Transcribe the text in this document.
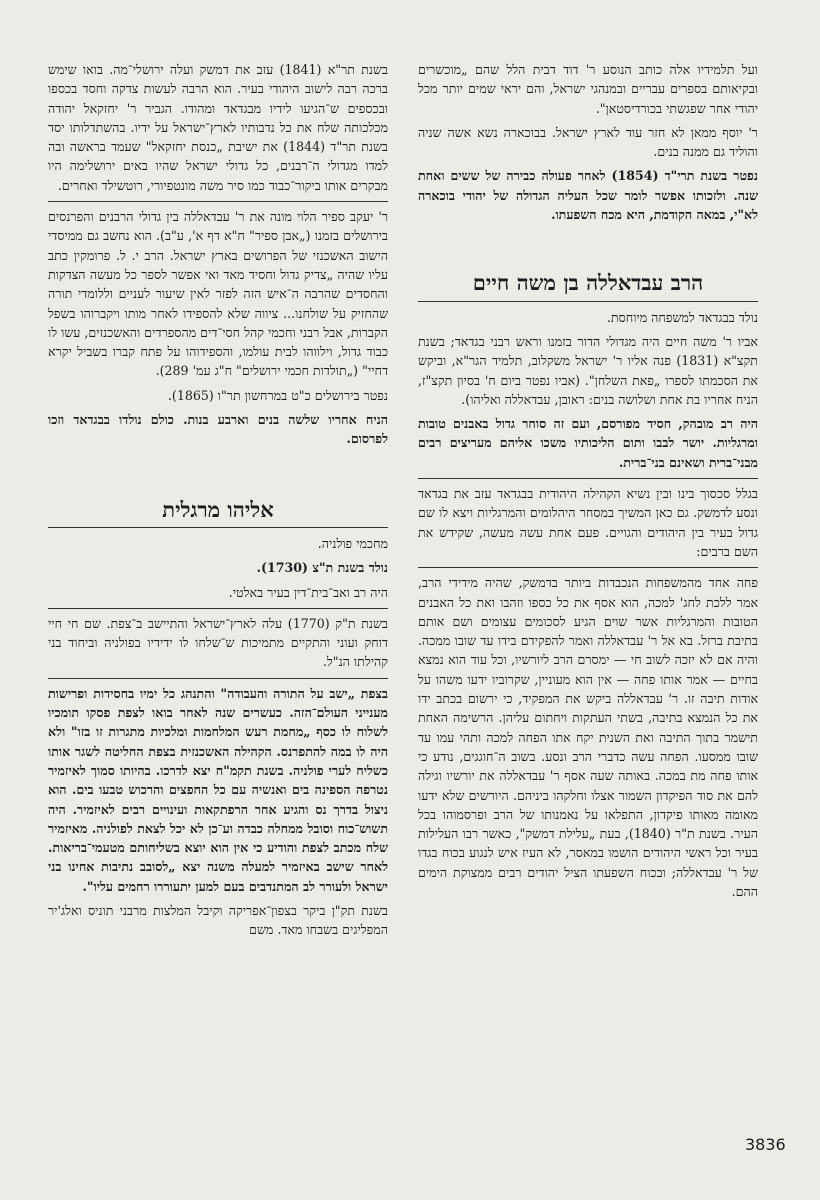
ועל תלמידיו אלה כותב הנוסע ר' דוד דבית הלל שהם „מוכשרים ובקיאותם בספרים עבריים ובמנהגי ישראל, והם יראי שמים יותר מכל יהודי אחר שפגשתי בכורדיסטאן".

ר' יוסף ממאן לא חזר עוד לארץ ישראל. בבוכארה נשא אשה שניה והוליד גם ממנה בנים.

נפטר בשנת תרי"ד (1854) לאחר פעולה כבירה של ששים ואחת שנה. ולזכותו אפשר לומר שכל העליה הגדולה של יהודי בוכארה לא"י, במאה הקודמת, היא מכח השפעתו.

הרב עבדאללה בן משה חיים

נולד בבגדאד למשפחה מיוחסת.

אביו ר' משה חיים היה מגדולי הדור בזמנו וראש רבני בגדאד; בשנת תקצ"א (1831) פנה אליו ר' ישראל משקלוב, תלמיד הגר"א, וביקש את הסכמתו לספרו „פאת השלחן". (אביו נפטר ביום ח' בסיון תקצ"ז, הניח אחריו בת אחת ושלושה בנים: ראובן, עבדאללה ואליהו).

היה רב מובהק, חסיד מפורסם, ועם זה סוחר גדול באבנים טובות ומרגליות. יושר לבבו ותום הליכותיו משכו אליהם מעריצים רבים מבני־ברית ושאינם בני־ברית.

בגלל סכסוך בינו ובין נשיא הקהילה היהודית בבגדאד עזב את בגדאד ונסע לדמשק. גם כאן המשיך במסחר היהלומים והמרגליות ויצא לו שם גדול בעיר בין היהודים והגויים. פעם אחת עשה מעשה, שקידש את השם ברבים:

פחה אחד מהמשפחות הנכבדות ביותר בדמשק, שהיה מידידי הרב, אמר ללכת לחג' למכה, הוא אסף את כל כספו וזהבו ואת כל האבנים הטובות והמרגליות אשר שוים הגיע לסכומים עצומים ושם אותם בתיבת ברזל. בא אל ר' עבדאללה ואמר להפקידם בידו עד שובו ממכה. והיה אם לא יזכה לשוב חי — ימסרם הרב ליורשיו, וכל עוד הוא נמצא בחיים — אמר אותו פחה — אין הוא מעוניין, שקרוביו ידעו משהו על אודות תיבה זו. ר' עבדאללה ביקש את המפקיד, כי ירשום בכתב ידו את כל הנמצא בתיבה, בשתי העתקות ויחתום עליהן. הרשימה האחת תישמר בתוך התיבה ואת השנית יקח אתו הפחה למכה ותהי עמו עד שובו ממסעו. הפחה עשה כדברי הרב ונסע. בשוב ה־חוגגים, נודע כי אותו פחה מת במכה. באותה שעה אסף ר' עבדאללה את יורשיו וגילה להם את סוד הפיקדון השמור אצלו וחלקהו ביניהם. היורשים שלא ידעו מאומה מאותו פיקדון, התפלאו על נאמנותו של הרב ופרסמוהו בכל העיר. בשנת ת"ר (1840), בעת „עלילת דמשק", כאשר רבו העלילות בעיר וכל ראשי היהודים הושמו במאסר, לא העיז איש לנגוע בכוח בגדו של ר' עבדאללה; ובכוח השפעתו הציל יהודים רבים ממצוקת הימים ההם.

בשנת תר"א (1841) עזב את דמשק ועלה ירושלי־מה. בואו שימש ברכה רבה לישוב היהודי בעיר. הוא הרבה לעשות צדקה וחסד בכספו ובכספים ש־הגיעו לידיו מבגדאד ומהודו. הגביר ר' יחזקאל יהודה מכלכותה שלח את כל נדבותיו לארץ־ישראל על ידיו. בהשתדלותו יסד בשנת תר"ד (1844) את ישיבת „כנסת יחזקאל" שעמד בראשה ובה למדו מגדולי ה־רבנים, כל גדולי ישראל שהיו באים ירושלימה היו מבקרים אותו ביקור־כבוד כמו סיר משה מונטפיורי, רוטשילד ואחרים.

ר' יעקב ספיר הלוי מונה את ר' עבדאללה בין גדולי הרבנים והפרנסים בירושלים בזמנו („אבן ספיר" ח"א דף א', ע"ב). הוא נחשב גם ממיסדי הישוב האשכנזי של הפרושים בארץ ישראל. הרב י. ל. פרומקין כתב עליו שהיה „צדיק גדול וחסיד מאד ואי אפשר לספר כל מעשה הצדקות והחסדים שהרבה ה־איש הזה לפזר לאין שיעור לעניים וללומדי תורה שהחזיק על שולחנו... ציווה שלא להספידו לאחר מותו ויקברוהו בשפל הקברות, אבל רבני וחכמי קהל חסי־דים מהספרדים והאשכנזים, עשו לו כבוד גדול, וילווהו לבית עולמו, והספידוהו על פתח קברו בשביל יקרא דחיי" („תולדות חכמי ירושלים" ח"ג עמ' 289).

נפטר בירושלים כ"ט במרחשון תר"ו (1865).

הניח אחריו שלשה בנים וארבע בנות. כולם נולדו בבגדאד וזכו לפרסום.

אליהו מרגלית

מחכמי פולניה.

נולד בשנת ת"צ (1730).

היה רב ואב־בית־דין בעיר באלטי.

בשנת ת"ק (1770) עלה לארץ־ישראל והתיישב ב־צפת. שם חי חיי דוחק ועוני והתקיים מתמיכות ש־שלחו לו ידידיו בפולניה וביחוד בני קהילתו הנ"ל.

בצפת „ישב על התורה והעבודה" והתנהג כל ימיו בחסידות ופרישות מענייני העולם־הזה. כעשרים שנה לאחר בואו לצפת פסקו תומכיו לשלוח לו כסף „מחמת רעש המלחמות ומלכיות מתגרות זו בזו" ולא היה לו במה להתפרנס. הקהילה האשכנזית בצפת החליטה לשגר אותו כשליח לערי פולניה. בשנת תקמ"ח יצא לדרכו. בהיותו סמוך לאיזמיר נטרפה הספינה בים ואנשיה עם כל החפצים והרכוש טבעו בים. הוא ניצול בדרך נס והגיע אחר הרפתקאות ועינויים רבים לאיזמיר. היה תשוש־כוח וסובל ממחלה כבדה וע־כן לא יכל לצאת לפולניה. מאיזמיר שלח מכתב לצפת והודיע כי אין הוא יוצא בשליחותם מטעמי־בריאות. לאחר שישב באיזמיר למעלה משנה יצא „לסובב נתיבות אחינו בני ישראל ולעורר לב המתנדבים בעם למען יתעוררו רחמים עליו".

בשנת תק"ן ביקר בצפון־אפריקה וקיבל המלצות מרבני תוניס ואלג'יר המפליגים בשבחו מאד. משם

3836
